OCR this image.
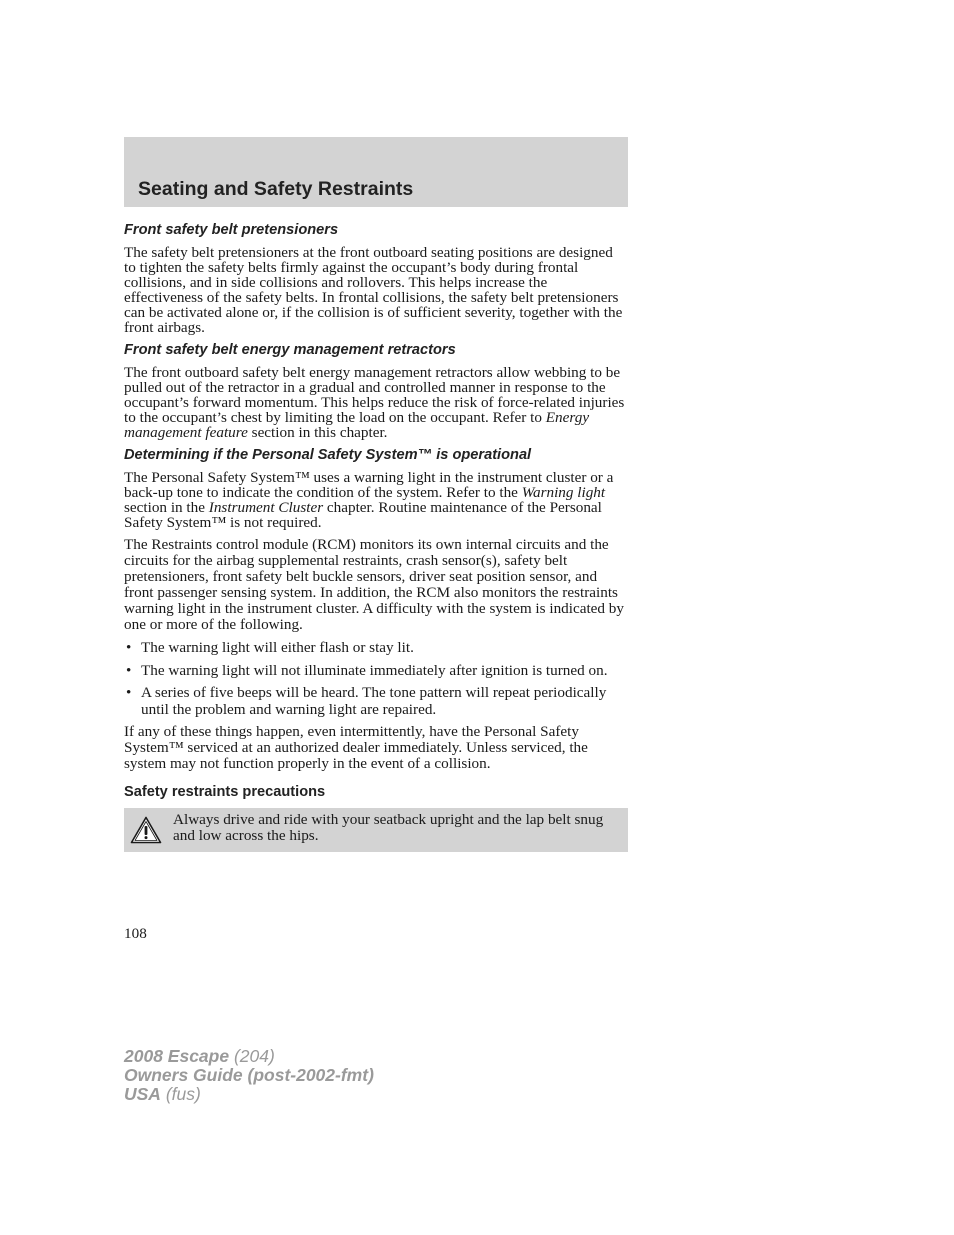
Seating and Safety Restraints
Front safety belt pretensioners

The safety belt pretensioners at the front outboard seating positions are designed to tighten the safety belts firmly against the occupant’s body during frontal collisions, and in side collisions and rollovers. This helps increase the effectiveness of the safety belts. In frontal collisions, the safety belt pretensioners can be activated alone or, if the collision is of sufficient severity, together with the front airbags.

Front safety belt energy management retractors

The front outboard safety belt energy management retractors allow webbing to be pulled out of the retractor in a gradual and controlled manner in response to the occupant’s forward momentum. This helps reduce the risk of force-related injuries to the occupant’s chest by limiting the load on the occupant. Refer to Energy management feature section in this chapter.

Determining if the Personal Safety System™ is operational

The Personal Safety System™ uses a warning light in the instrument cluster or a back-up tone to indicate the condition of the system. Refer to the Warning light section in the Instrument Cluster chapter. Routine maintenance of the Personal Safety System™ is not required.

The Restraints control module (RCM) monitors its own internal circuits and the circuits for the airbag supplemental restraints, crash sensor(s), safety belt pretensioners, front safety belt buckle sensors, driver seat position sensor, and front passenger sensing system. In addition, the RCM also monitors the restraints warning light in the instrument cluster. A difficulty with the system is indicated by one or more of the following.

• The warning light will either flash or stay lit.
• The warning light will not illuminate immediately after ignition is turned on.
• A series of five beeps will be heard. The tone pattern will repeat periodically until the problem and warning light are repaired.

If any of these things happen, even intermittently, have the Personal Safety System™ serviced at an authorized dealer immediately. Unless serviced, the system may not function properly in the event of a collision.

Safety restraints precautions
Always drive and ride with your seatback upright and the lap belt snug and low across the hips.
108
2008 Escape (204)
Owners Guide (post-2002-fmt)
USA (fus)
